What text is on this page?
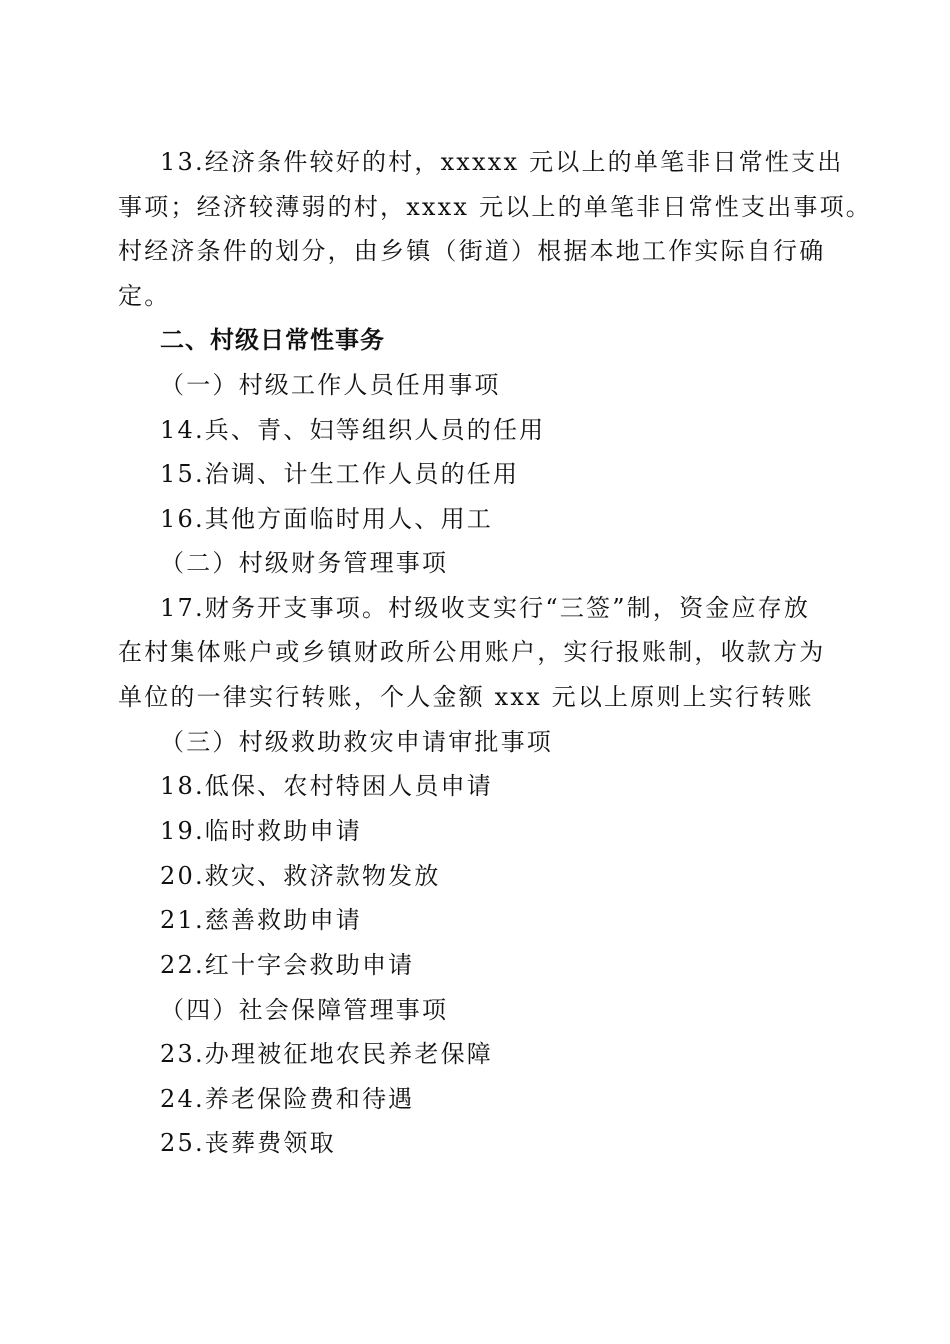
13.经济条件较好的村，xxxxx 元以上的单笔非日常性支出
事项；经济较薄弱的村，xxxx 元以上的单笔非日常性支出事项。
村经济条件的划分，由乡镇（街道）根据本地工作实际自行确
定。
二、村级日常性事务
（一）村级工作人员任用事项
14.兵、青、妇等组织人员的任用
15.治调、计生工作人员的任用
16.其他方面临时用人、用工
（二）村级财务管理事项
17.财务开支事项。村级收支实行“三签”制，资金应存放
在村集体账户或乡镇财政所公用账户，实行报账制，收款方为
单位的一律实行转账，个人金额 xxx 元以上原则上实行转账
（三）村级救助救灾申请审批事项
18.低保、农村特困人员申请
19.临时救助申请
20.救灾、救济款物发放
21.慈善救助申请
22.红十字会救助申请
（四）社会保障管理事项
23.办理被征地农民养老保障
24.养老保险费和待遇
25.丧葬费领取
